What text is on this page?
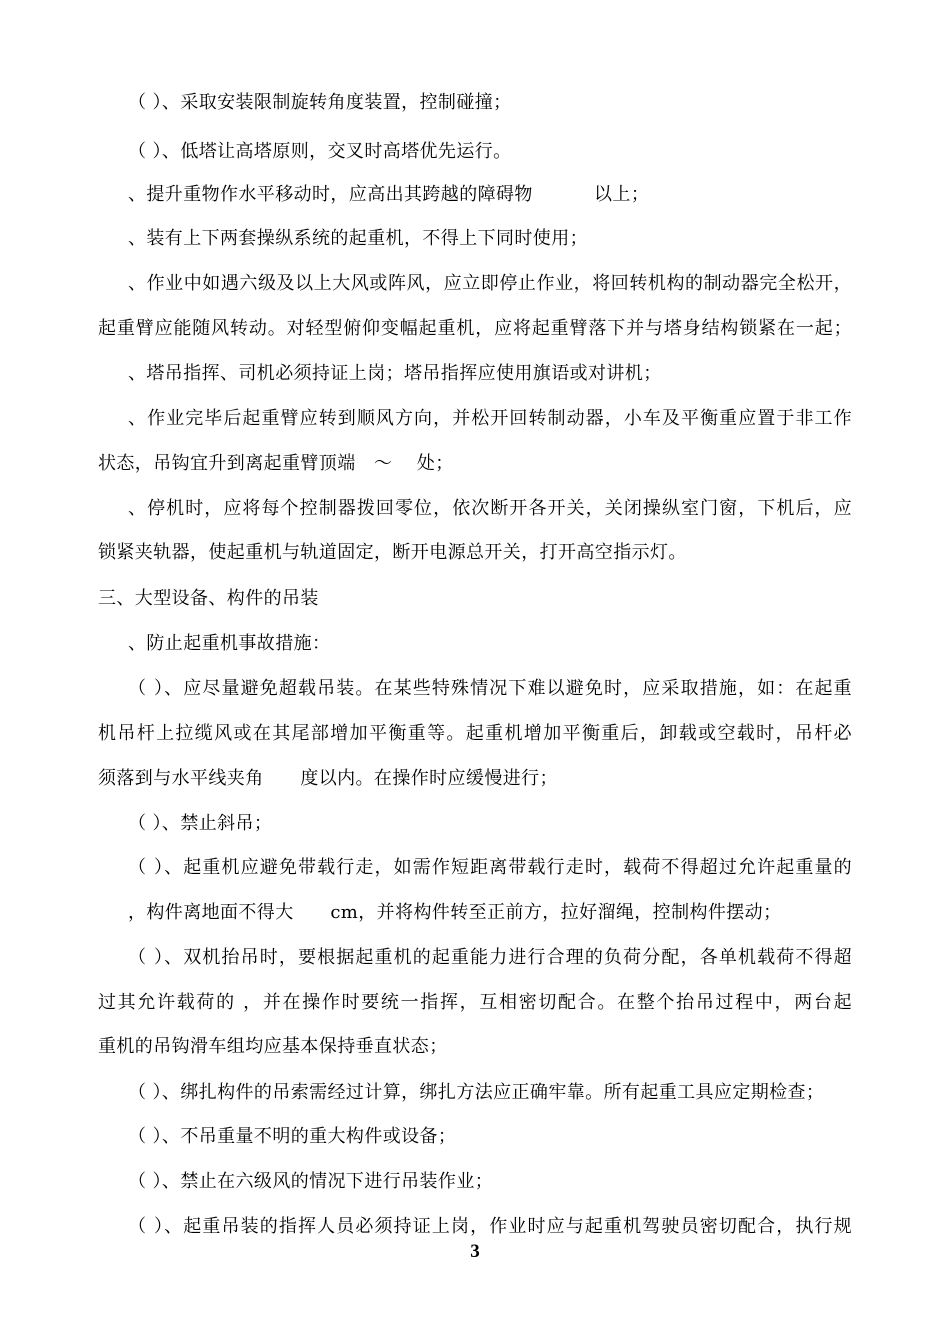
（ ）、采取安装限制旋转角度装置，控制碰撞；
（ ）、低塔让高塔原则，交叉时高塔优先运行。
、提升重物作水平移动时，应高出其跨越的障碍物          以上；
、装有上下两套操纵系统的起重机，不得上下同时使用；
、作业中如遇六级及以上大风或阵风，应立即停止作业，将回转机构的制动器完全松开，
起重臂应能随风转动。对轻型俯仰变幅起重机，应将起重臂落下并与塔身结构锁紧在一起；
、塔吊指挥、司机必须持证上岗；塔吊指挥应使用旗语或对讲机；
、作业完毕后起重臂应转到顺风方向，并松开回转制动器，小车及平衡重应置于非工作
状态，吊钩宜升到离起重臂顶端   ～    处；
、停机时，应将每个控制器拨回零位，依次断开各开关，关闭操纵室门窗，下机后，应
锁紧夹轨器，使起重机与轨道固定，断开电源总开关，打开高空指示灯。
三、大型设备、构件的吊装
、防止起重机事故措施：
（ ）、应尽量避免超载吊装。在某些特殊情况下难以避免时，应采取措施，如：在起重
机吊杆上拉缆风或在其尾部增加平衡重等。起重机增加平衡重后，卸载或空载时，吊杆必
须落到与水平线夹角      度以内。在操作时应缓慢进行；
（ ）、禁止斜吊；
（ ）、起重机应避免带载行走，如需作短距离带载行走时，载荷不得超过允许起重量的
，构件离地面不得大      cm，并将构件转至正前方，拉好溜绳，控制构件摆动；
（ ）、双机抬吊时，要根据起重机的起重能力进行合理的负荷分配，各单机载荷不得超
过其允许载荷的 ，并在操作时要统一指挥，互相密切配合。在整个抬吊过程中，两台起
重机的吊钩滑车组均应基本保持垂直状态；
（ ）、绑扎构件的吊索需经过计算，绑扎方法应正确牢靠。所有起重工具应定期检查；
（ ）、不吊重量不明的重大构件或设备；
（ ）、禁止在六级风的情况下进行吊装作业；
（ ）、起重吊装的指挥人员必须持证上岗，作业时应与起重机驾驶员密切配合，执行规
3
